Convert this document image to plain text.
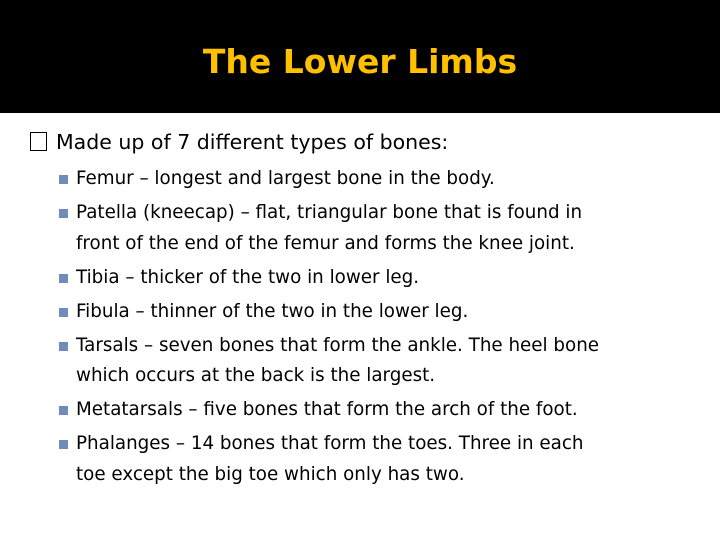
The Lower Limbs
Made up of 7 different types of bones:
Femur – longest and largest bone in the body.
Patella (kneecap) – flat, triangular bone that is found in
front of the end of the femur and forms the knee joint.
Tibia – thicker of the two in lower leg.
Fibula – thinner of the two in the lower leg.
Tarsals – seven bones that form the ankle. The heel bone
which occurs at the back is the largest.
Metatarsals – five bones that form the arch of the foot.
Phalanges – 14 bones that form the toes. Three in each
toe except the big toe which only has two.
